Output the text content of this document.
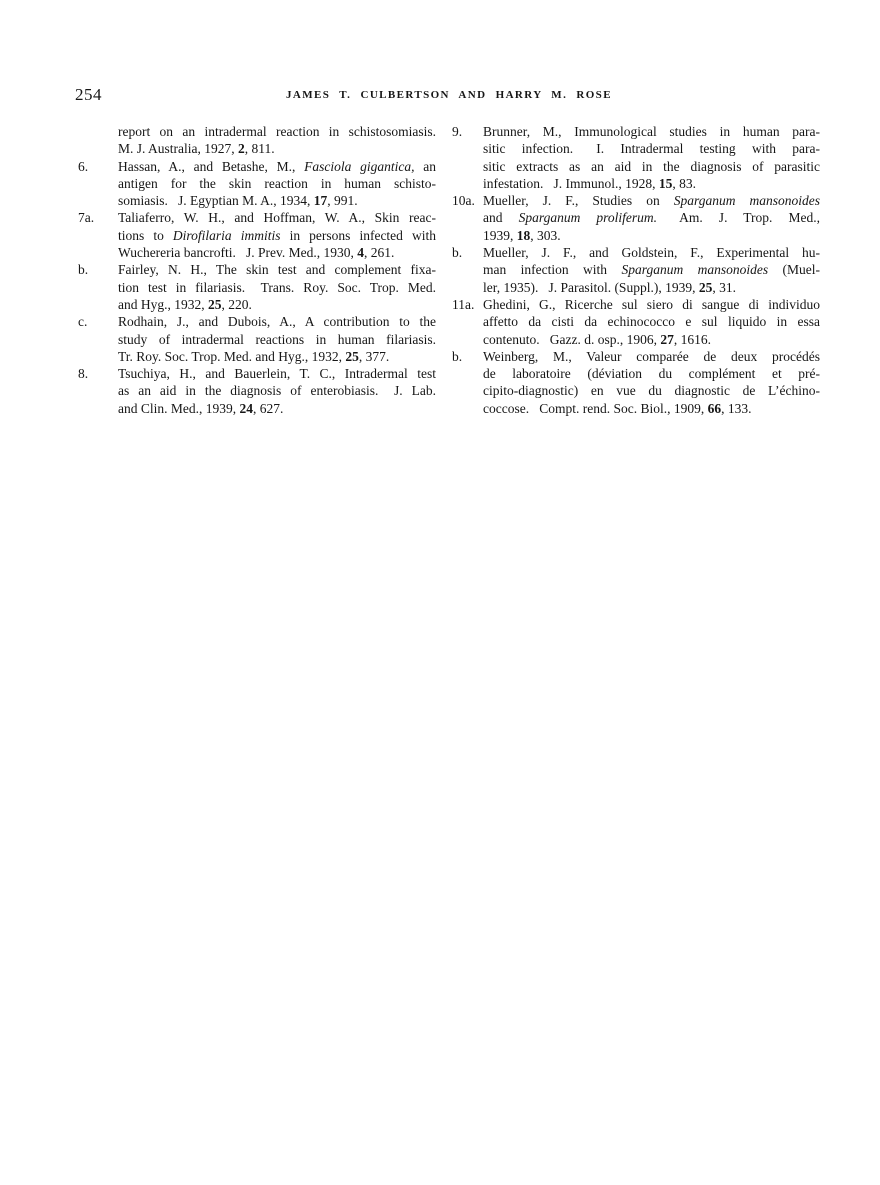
254	JAMES T. CULBERTSON AND HARRY M. ROSE
report on an intradermal reaction in schistosomiasis.
M. J. Australia, 1927, 2, 811.
6. Hassan, A., and Betashe, M., Fasciola gigantica, an
antigen for the skin reaction in human schisto-
somiasis.  J. Egyptian M. A., 1934, 17, 991.
7a. Taliaferro, W. H., and Hoffman, W. A., Skin reac-
tions to Dirofilaria immitis in persons infected with
Wuchereria bancrofti.  J. Prev. Med., 1930, 4, 261.
b. Fairley, N. H., The skin test and complement fixa-
tion test in filariasis.  Trans. Roy. Soc. Trop. Med.
and Hyg., 1932, 25, 220.
c. Rodhain, J., and Dubois, A., A contribution to the
study of intradermal reactions in human filariasis.
Tr. Roy. Soc. Trop. Med. and Hyg., 1932, 25, 377.
8. Tsuchiya, H., and Bauerlein, T. C., Intradermal test
as an aid in the diagnosis of enterobiasis.  J. Lab.
and Clin. Med., 1939, 24, 627.
9. Brunner, M., Immunological studies in human para-
sitic infection.  I. Intradermal testing with para-
sitic extracts as an aid in the diagnosis of parasitic
infestation.  J. Immunol., 1928, 15, 83.
10a. Mueller, J. F., Studies on Sparganum mansonoides
and Sparganum proliferum.  Am. J. Trop. Med.,
1939, 18, 303.
b. Mueller, J. F., and Goldstein, F., Experimental hu-
man infection with Sparganum mansonoides (Muel-
ler, 1935).  J. Parasitol. (Suppl.), 1939, 25, 31.
11a. Ghedini, G., Ricerche sul siero di sangue di individuo
affetto da cisti da echinococco e sul liquido in essa
contenuto.  Gazz. d. osp., 1906, 27, 1616.
b. Weinberg, M., Valeur comparée de deux procédés
de laboratoire (déviation du complément et pré-
cipito-diagnostic) en vue du diagnostic de L’échino-
coccose.  Compt. rend. Soc. Biol., 1909, 66, 133.
